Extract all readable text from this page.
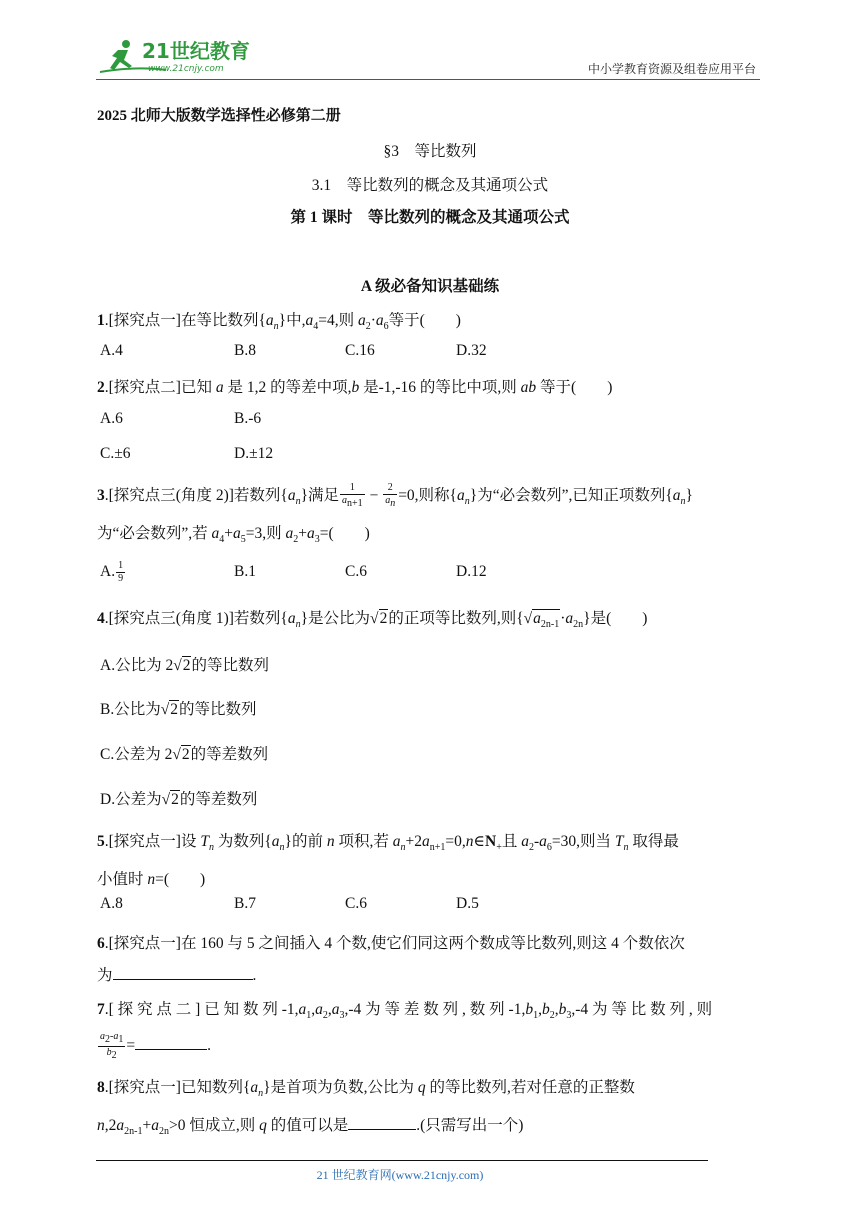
21世纪教育
www.21cnjy.com	中小学教育资源及组卷应用平台
2025 北师大版数学选择性必修第二册
§3　等比数列
3.1　等比数列的概念及其通项公式
第 1 课时　等比数列的概念及其通项公式
A 级必备知识基础练
1.[探究点一]在等比数列$\{a_n\}$中$,a_4=4$,则 $a_2\cdot a_6$等于(　　)
A.4	B.8	C.16	D.32
2.[探究点二]已知 a 是 1,2 的等差中项,b 是-1,-16 的等比中项,则 ab 等于(　　)
A.6	B.-6
C.±6	D.±12
3.[探究点三(角度 2)]若数列$\{a_n\}$满足 $\frac{1}{a_{n+1}} - \frac{2}{a_n} =0$,则称$\{a_n\}$为“必会数列”,已知正项数列$\{a_n\}$
为“必会数列”,若 $a_4+a_5=3$,则 $a_2+a_3=$(　　)
A. $\frac{1}{9}$	B.1	C.6	D.12
4.[探究点三(角度 1)]若数列$\{a_n\}$是公比为√2的正项等比数列,则$\{√a_{2n-1}\cdot a_{2n}\}$是(　　)
A.公比为 2√2的等比数列
B.公比为√2的等比数列
C.公差为 2√2的等差数列
D.公差为√2的等差数列
5.[探究点一]设 $T_n$ 为数列$\{a_n\}$的前 n 项积,若 $a_n+2a_{n+1}=0,n\in N_+$且 $a_2-a_6=30$,则当 $T_n$ 取得最
小值时 n=(　　)
A.8	B.7	C.6	D.5
6.[探究点一]在 160 与 5 之间插入 4 个数,使它们同这两个数成等比数列,则这 4 个数依次
为	.
7.[ 探 究 点 二 ] 已 知 数 列 $-1,a_1,a_2,a_3,-4$ 为 等 差 数 列 , 数 列 $-1,b_1,b_2,b_3,-4$ 为 等 比 数 列 , 则

$\frac{a_2-a_1}{b_2}$ =	.
8.[探究点一]已知数列$\{a_n\}$是首项为负数,公比为 q 的等比数列,若对任意的正整数
$n,2a_{2n-1}+a_{2n}>0$ 恒成立,则 q 的值可以是	.(只需写出一个)
21 世纪教育网(www.21cnjy.com)
